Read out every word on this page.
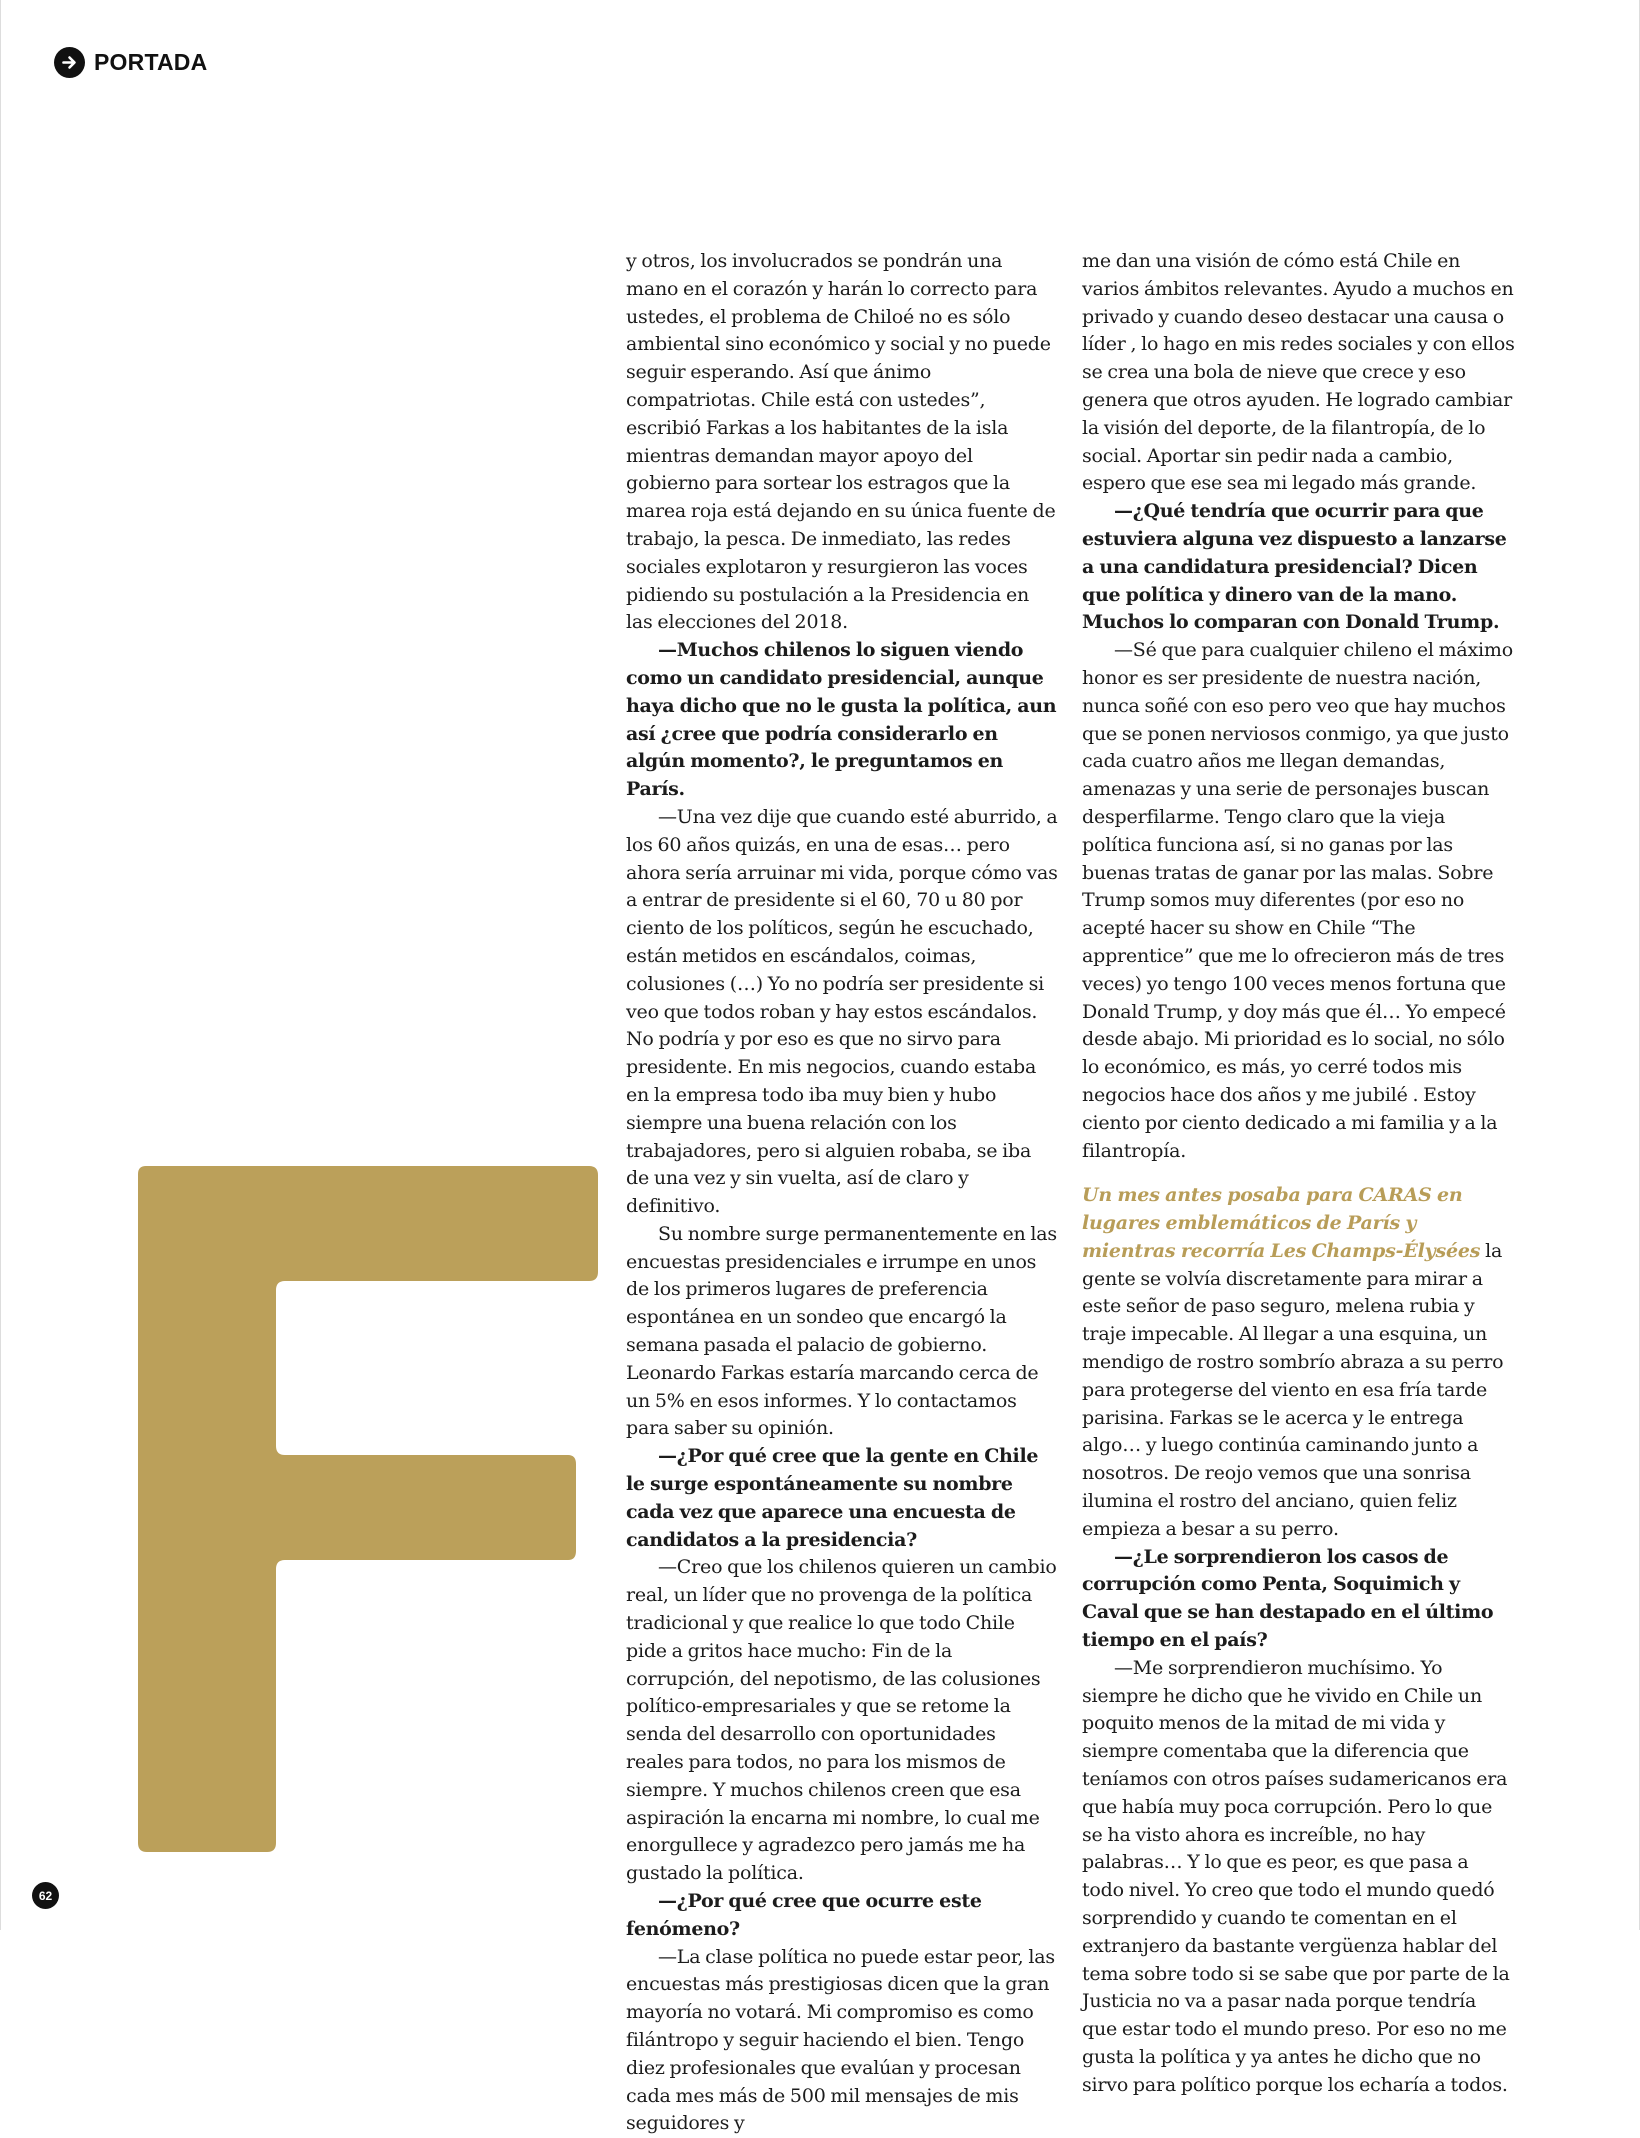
PORTADA

y otros, los involucrados se pondrán una mano en el corazón y harán lo correcto para ustedes, el problema de Chiloé no es sólo ambiental sino económico y social y no puede seguir esperando. Así que ánimo compatriotas. Chile está con ustedes”, escribió Farkas a los habitantes de la isla mientras demandan mayor apoyo del gobierno para sortear los estragos que la marea roja está dejando en su única fuente de trabajo, la pesca. De inmediato, las redes sociales explotaron y resurgieron las voces pidiendo su postulación a la Presidencia en las elecciones del 2018.

—Muchos chilenos lo siguen viendo como un candidato presidencial, aunque haya dicho que no le gusta la política, aun así ¿cree que podría considerarlo en algún momento?, le preguntamos en París.

—Una vez dije que cuando esté aburrido, a los 60 años quizás, en una de esas… pero ahora sería arruinar mi vida, porque cómo vas a entrar de presidente si el 60, 70 u 80 por ciento de los políticos, según he escuchado, están metidos en escándalos, coimas, colusiones (…) Yo no podría ser presidente si veo que todos roban y hay estos escándalos. No podría y por eso es que no sirvo para presidente. En mis negocios, cuando estaba en la empresa todo iba muy bien y hubo siempre una buena relación con los trabajadores, pero si alguien robaba, se iba de una vez y sin vuelta, así de claro y definitivo.

Su nombre surge permanentemente en las encuestas presidenciales e irrumpe en unos de los primeros lugares de preferencia espontánea en un sondeo que encargó la semana pasada el palacio de gobierno. Leonardo Farkas estaría marcando cerca de un 5% en esos informes. Y lo contactamos para saber su opinión.

—¿Por qué cree que la gente en Chile le surge espontáneamente su nombre cada vez que aparece una encuesta de candidatos a la presidencia?

—Creo que los chilenos quieren un cambio real, un líder que no provenga de la política tradicional y que realice lo que todo Chile pide a gritos hace mucho: Fin de la corrupción, del nepotismo, de las colusiones político-empresariales y que se retome la senda del desarrollo con oportunidades reales para todos, no para los mismos de siempre. Y muchos chilenos creen que esa aspiración la encarna mi nombre, lo cual me enorgullece y agradezco pero jamás me ha gustado la política.

—¿Por qué cree que ocurre este fenómeno?

—La clase política no puede estar peor, las encuestas más prestigiosas dicen que la gran mayoría no votará. Mi compromiso es como filántropo y seguir haciendo el bien. Tengo diez profesionales que evalúan y procesan cada mes más de 500 mil mensajes de mis seguidores y

me dan una visión de cómo está Chile en varios ámbitos relevantes. Ayudo a muchos en privado y cuando deseo destacar una causa o líder , lo hago en mis redes sociales y con ellos se crea una bola de nieve que crece y eso genera que otros ayuden. He logrado cambiar la visión del deporte, de la filantropía, de lo social. Aportar sin pedir nada a cambio, espero que ese sea mi legado más grande.

—¿Qué tendría que ocurrir para que estuviera alguna vez dispuesto a lanzarse a una candidatura presidencial? Dicen que política y dinero van de la mano. Muchos lo comparan con Donald Trump.

—Sé que para cualquier chileno el máximo honor es ser presidente de nuestra nación, nunca soñé con eso pero veo que hay muchos que se ponen nerviosos conmigo, ya que justo cada cuatro años me llegan demandas, amenazas y una serie de personajes buscan desperfilarme. Tengo claro que la vieja política funciona así, si no ganas por las buenas tratas de ganar por las malas. Sobre Trump somos muy diferentes (por eso no acepté hacer su show en Chile “The apprentice” que me lo ofrecieron más de tres veces) yo tengo 100 veces menos fortuna que Donald Trump, y doy más que él… Yo empecé desde abajo. Mi prioridad es lo social, no sólo lo económico, es más, yo cerré todos mis negocios hace dos años y me jubilé . Estoy ciento por ciento dedicado a mi familia y a la filantropía.

Un mes antes posaba para CARAS en lugares emblemáticos de París y mientras recorría Les Champs-Élysées la gente se volvía discretamente para mirar a este señor de paso seguro, melena rubia y traje impecable. Al llegar a una esquina, un mendigo de rostro sombrío abraza a su perro para protegerse del viento en esa fría tarde parisina. Farkas se le acerca y le entrega algo… y luego continúa caminando junto a nosotros. De reojo vemos que una sonrisa ilumina el rostro del anciano, quien feliz empieza a besar a su perro.

—¿Le sorprendieron los casos de corrupción como Penta, Soquimich y Caval que se han destapado en el último tiempo en el país?

—Me sorprendieron muchísimo. Yo siempre he dicho que he vivido en Chile un poquito menos de la mitad de mi vida y siempre comentaba que la diferencia que teníamos con otros países sudamericanos era que había muy poca corrupción. Pero lo que se ha visto ahora es increíble, no hay palabras… Y lo que es peor, es que pasa a todo nivel. Yo creo que todo el mundo quedó sorprendido y cuando te comentan en el extranjero da bastante vergüenza hablar del tema sobre todo si se sabe que por parte de la Justicia no va a pasar nada porque tendría que estar todo el mundo preso. Por eso no me gusta la política y ya antes he dicho que no sirvo para político porque los echaría a todos.

62
